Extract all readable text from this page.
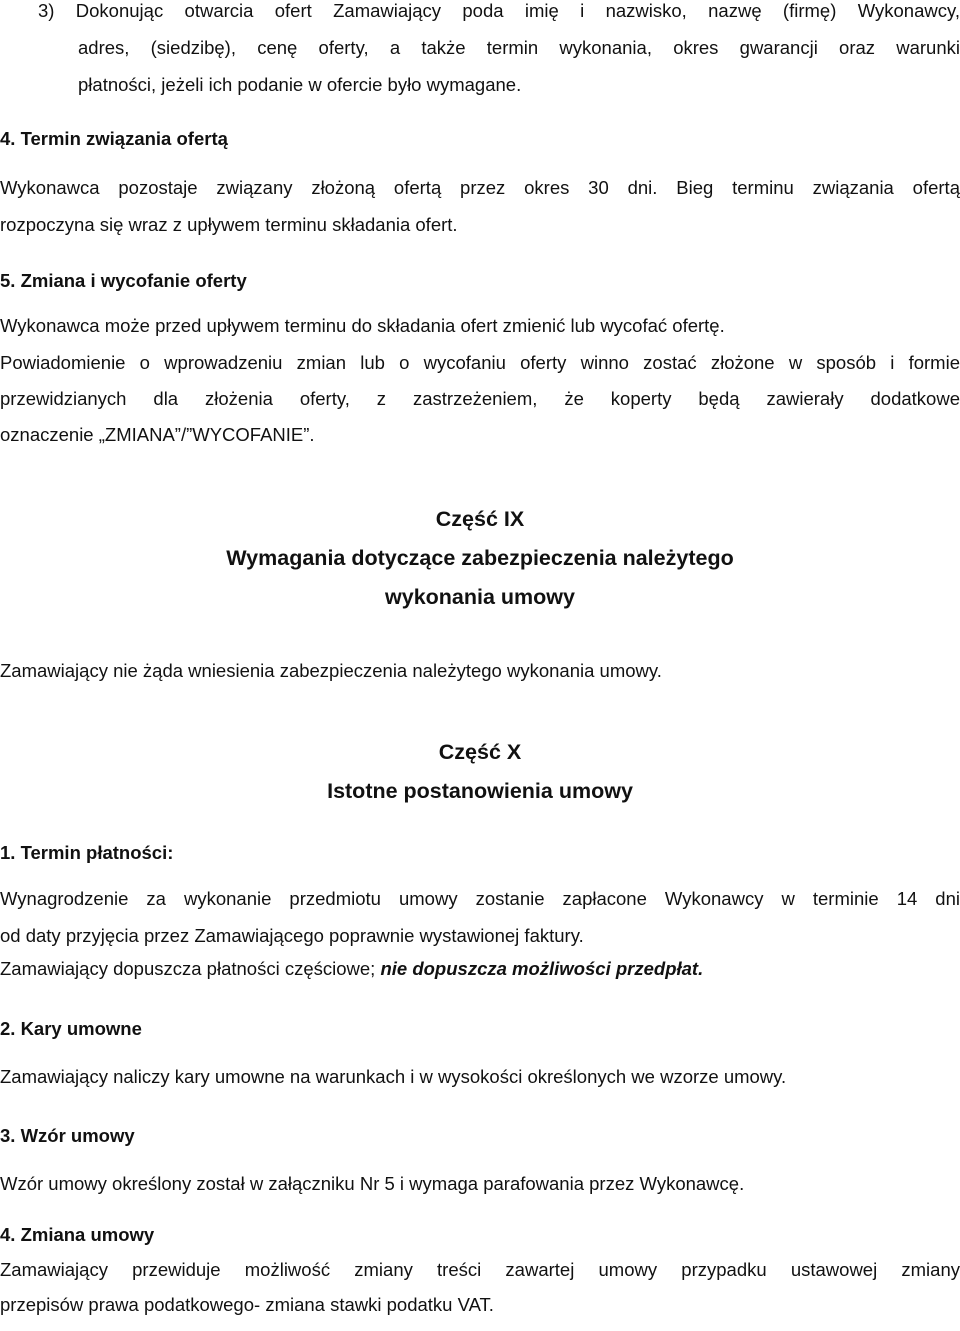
3) Dokonując otwarcia ofert Zamawiający poda imię i nazwisko, nazwę (firmę) Wykonawcy,
adres, (siedzibę), cenę oferty, a także termin wykonania, okres gwarancji oraz warunki
płatności, jeżeli ich podanie w ofercie było wymagane.
4. Termin związania ofertą
Wykonawca pozostaje związany złożoną ofertą przez okres 30 dni. Bieg terminu związania ofertą
rozpoczyna się wraz z upływem terminu składania ofert.
5. Zmiana i wycofanie oferty
Wykonawca może przed upływem terminu do składania ofert zmienić lub wycofać ofertę.
Powiadomienie o wprowadzeniu zmian lub o wycofaniu oferty winno zostać złożone w sposób i formie
przewidzianych dla złożenia oferty, z zastrzeżeniem, że koperty będą zawierały dodatkowe
oznaczenie „ZMIANA”/”WYCOFANIE”.
Część IX
Wymagania dotyczące zabezpieczenia należytego
wykonania umowy
Zamawiający nie żąda wniesienia zabezpieczenia należytego wykonania umowy.
Część X
Istotne postanowienia umowy
1. Termin płatności:
Wynagrodzenie za wykonanie przedmiotu umowy zostanie zapłacone Wykonawcy w terminie 14 dni
od daty przyjęcia przez Zamawiającego poprawnie wystawionej faktury.
Zamawiający dopuszcza płatności częściowe; nie dopuszcza możliwości przedpłat.
2. Kary umowne
Zamawiający naliczy kary umowne na warunkach i w wysokości określonych we wzorze umowy.
3. Wzór umowy
Wzór umowy określony został w załączniku Nr 5 i wymaga parafowania przez Wykonawcę.
4. Zmiana umowy
Zamawiający przewiduje możliwość zmiany treści zawartej umowy przypadku ustawowej zmiany
przepisów prawa podatkowego- zmiana stawki podatku VAT.
